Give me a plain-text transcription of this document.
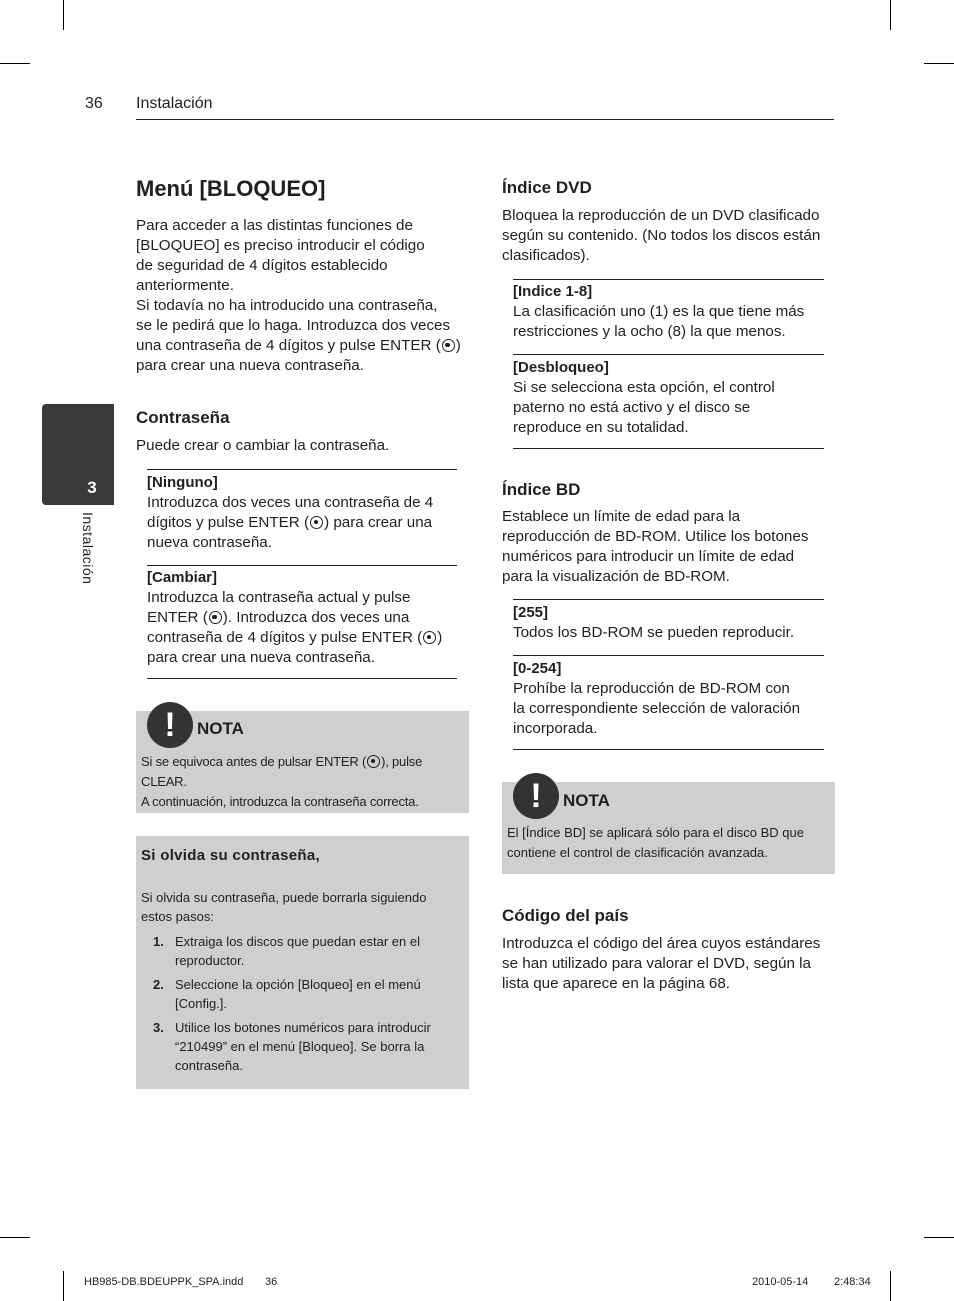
36 Instalación
3
Instalación
Menú [BLOQUEO]
Para acceder a las distintas funciones de
[BLOQUEO] es preciso introducir el código
de seguridad de 4 dígitos establecido
anteriormente.
Si todavía no ha introducido una contraseña,
se le pedirá que lo haga. Introduzca dos veces
una contraseña de 4 dígitos y pulse ENTER ( )
para crear una nueva contraseña.
Contraseña
Puede crear o cambiar la contraseña.
[Ninguno]
Introduzca dos veces una contraseña de 4
dígitos y pulse ENTER ( ) para crear una
nueva contraseña.
[Cambiar]
Introduzca la contraseña actual y pulse
ENTER ( ). Introduzca dos veces una
contraseña de 4 dígitos y pulse ENTER ( )
para crear una nueva contraseña.
!	NOTA
Si se equivoca antes de pulsar ENTER ( ), pulse CLEAR.
A continuación, introduzca la contraseña correcta.
Si olvida su contraseña,
Si olvida su contraseña, puede borrarla siguiendo
estos pasos:
1. Extraiga los discos que puedan estar en el reproductor.
2. Seleccione la opción [Bloqueo] en el menú [Config.].
3. Utilice los botones numéricos para introducir “210499” en el menú [Bloqueo]. Se borra la contraseña.
Índice DVD
Bloquea la reproducción de un DVD clasificado
según su contenido. (No todos los discos están
clasificados).
[Indice 1-8]
La clasificación uno (1) es la que tiene más
restricciones y la ocho (8) la que menos.
[Desbloqueo]
Si se selecciona esta opción, el control
paterno no está activo y el disco se
reproduce en su totalidad.
Índice BD
Establece un límite de edad para la
reproducción de BD-ROM. Utilice los botones
numéricos para introducir un límite de edad
para la visualización de BD-ROM.
[255]
Todos los BD-ROM se pueden reproducir.
[0-254]
Prohíbe la reproducción de BD-ROM con
la correspondiente selección de valoración
incorporada.
!	NOTA
El [Índice BD] se aplicará sólo para el disco BD que
contiene el control de clasificación avanzada.
Código del país
Introduzca el código del área cuyos estándares
se han utilizado para valorar el DVD, según la
lista que aparece en la página 68.
HB985-DB.BDEUPPK_SPA.indd 36	2010-05-14 2:48:34
